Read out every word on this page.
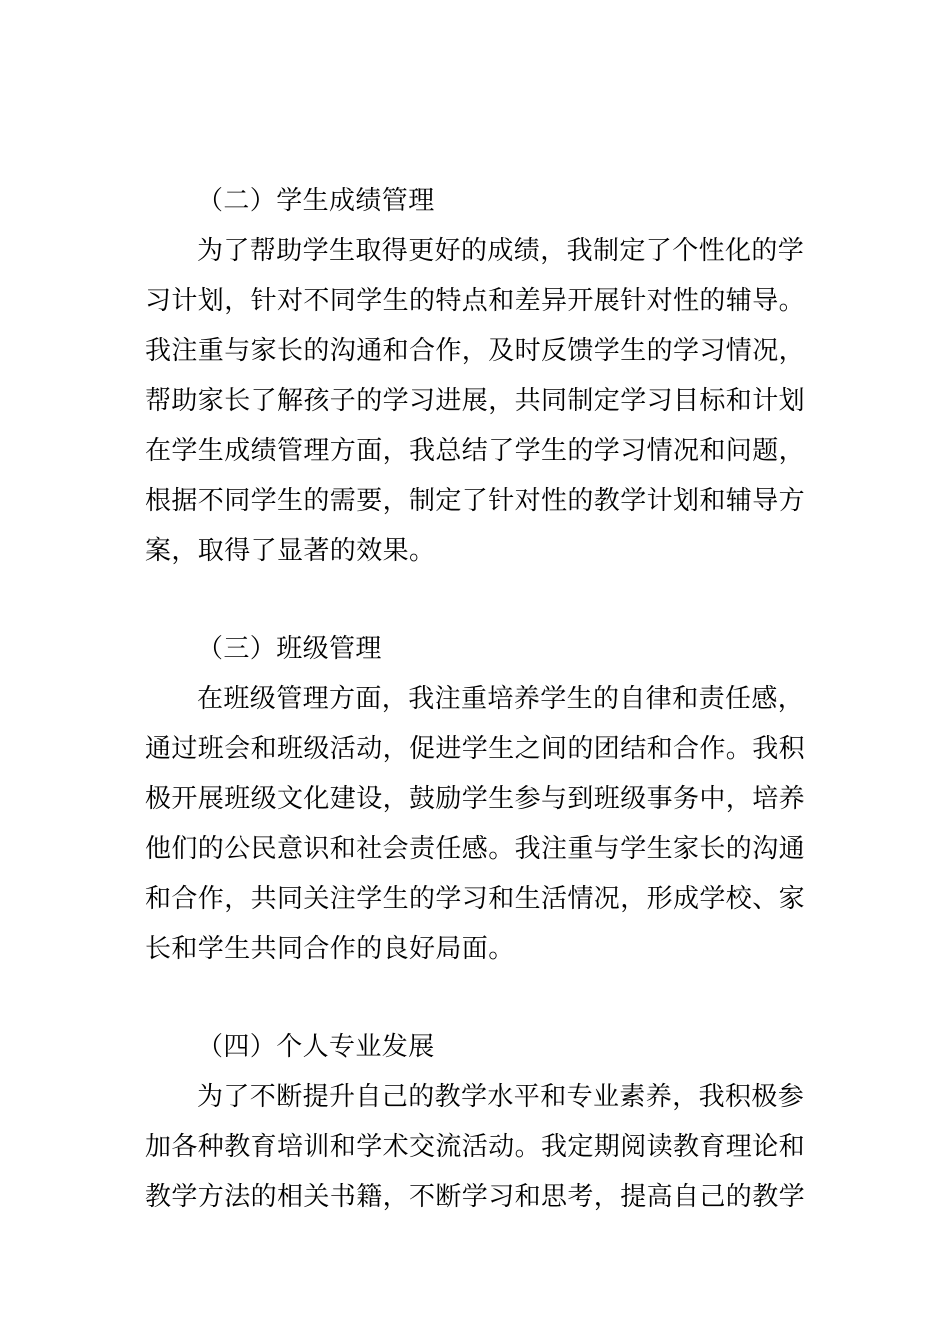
（二）学生成绩管理
为了帮助学生取得更好的成绩，我制定了个性化的学
习计划，针对不同学生的特点和差异开展针对性的辅导。
我注重与家长的沟通和合作，及时反馈学生的学习情况，
帮助家长了解孩子的学习进展，共同制定学习目标和计划
在学生成绩管理方面，我总结了学生的学习情况和问题，
根据不同学生的需要，制定了针对性的教学计划和辅导方
案，取得了显著的效果。
（三）班级管理
在班级管理方面，我注重培养学生的自律和责任感，
通过班会和班级活动，促进学生之间的团结和合作。我积
极开展班级文化建设，鼓励学生参与到班级事务中，培养
他们的公民意识和社会责任感。我注重与学生家长的沟通
和合作，共同关注学生的学习和生活情况，形成学校、家
长和学生共同合作的良好局面。
（四）个人专业发展
为了不断提升自己的教学水平和专业素养，我积极参
加各种教育培训和学术交流活动。我定期阅读教育理论和
教学方法的相关书籍，不断学习和思考，提高自己的教学
